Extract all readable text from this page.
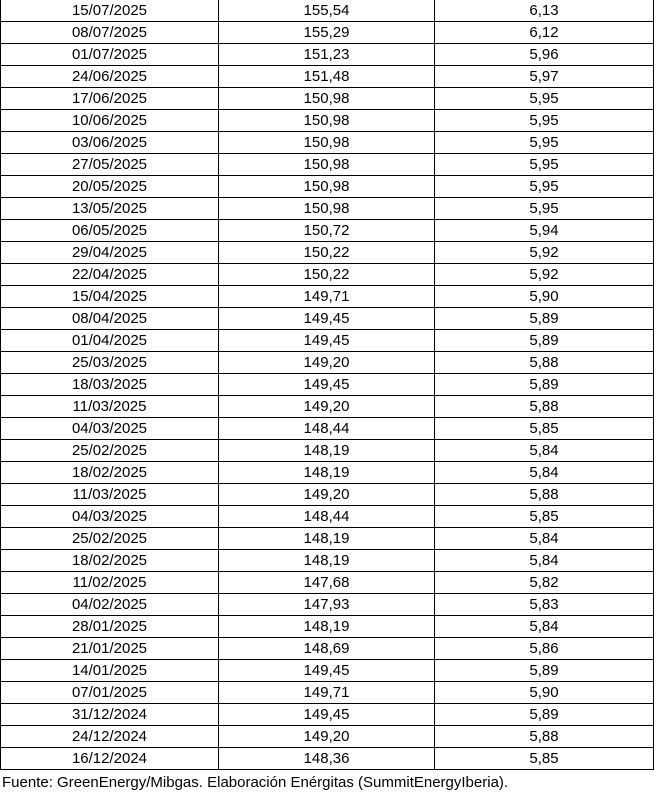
15/07/2025	155,54	6,13
08/07/2025	155,29	6,12
01/07/2025	151,23	5,96
24/06/2025	151,48	5,97
17/06/2025	150,98	5,95
10/06/2025	150,98	5,95
03/06/2025	150,98	5,95
27/05/2025	150,98	5,95
20/05/2025	150,98	5,95
13/05/2025	150,98	5,95
06/05/2025	150,72	5,94
29/04/2025	150,22	5,92
22/04/2025	150,22	5,92
15/04/2025	149,71	5,90
08/04/2025	149,45	5,89
01/04/2025	149,45	5,89
25/03/2025	149,20	5,88
18/03/2025	149,45	5,89
11/03/2025	149,20	5,88
04/03/2025	148,44	5,85
25/02/2025	148,19	5,84
18/02/2025	148,19	5,84
11/03/2025	149,20	5,88
04/03/2025	148,44	5,85
25/02/2025	148,19	5,84
18/02/2025	148,19	5,84
11/02/2025	147,68	5,82
04/02/2025	147,93	5,83
28/01/2025	148,19	5,84
21/01/2025	148,69	5,86
14/01/2025	149,45	5,89
07/01/2025	149,71	5,90
31/12/2024	149,45	5,89
24/12/2024	149,20	5,88
16/12/2024	148,36	5,85
Fuente: GreenEnergy/Mibgas. Elaboración Enérgitas (SummitEnergyIberia).
